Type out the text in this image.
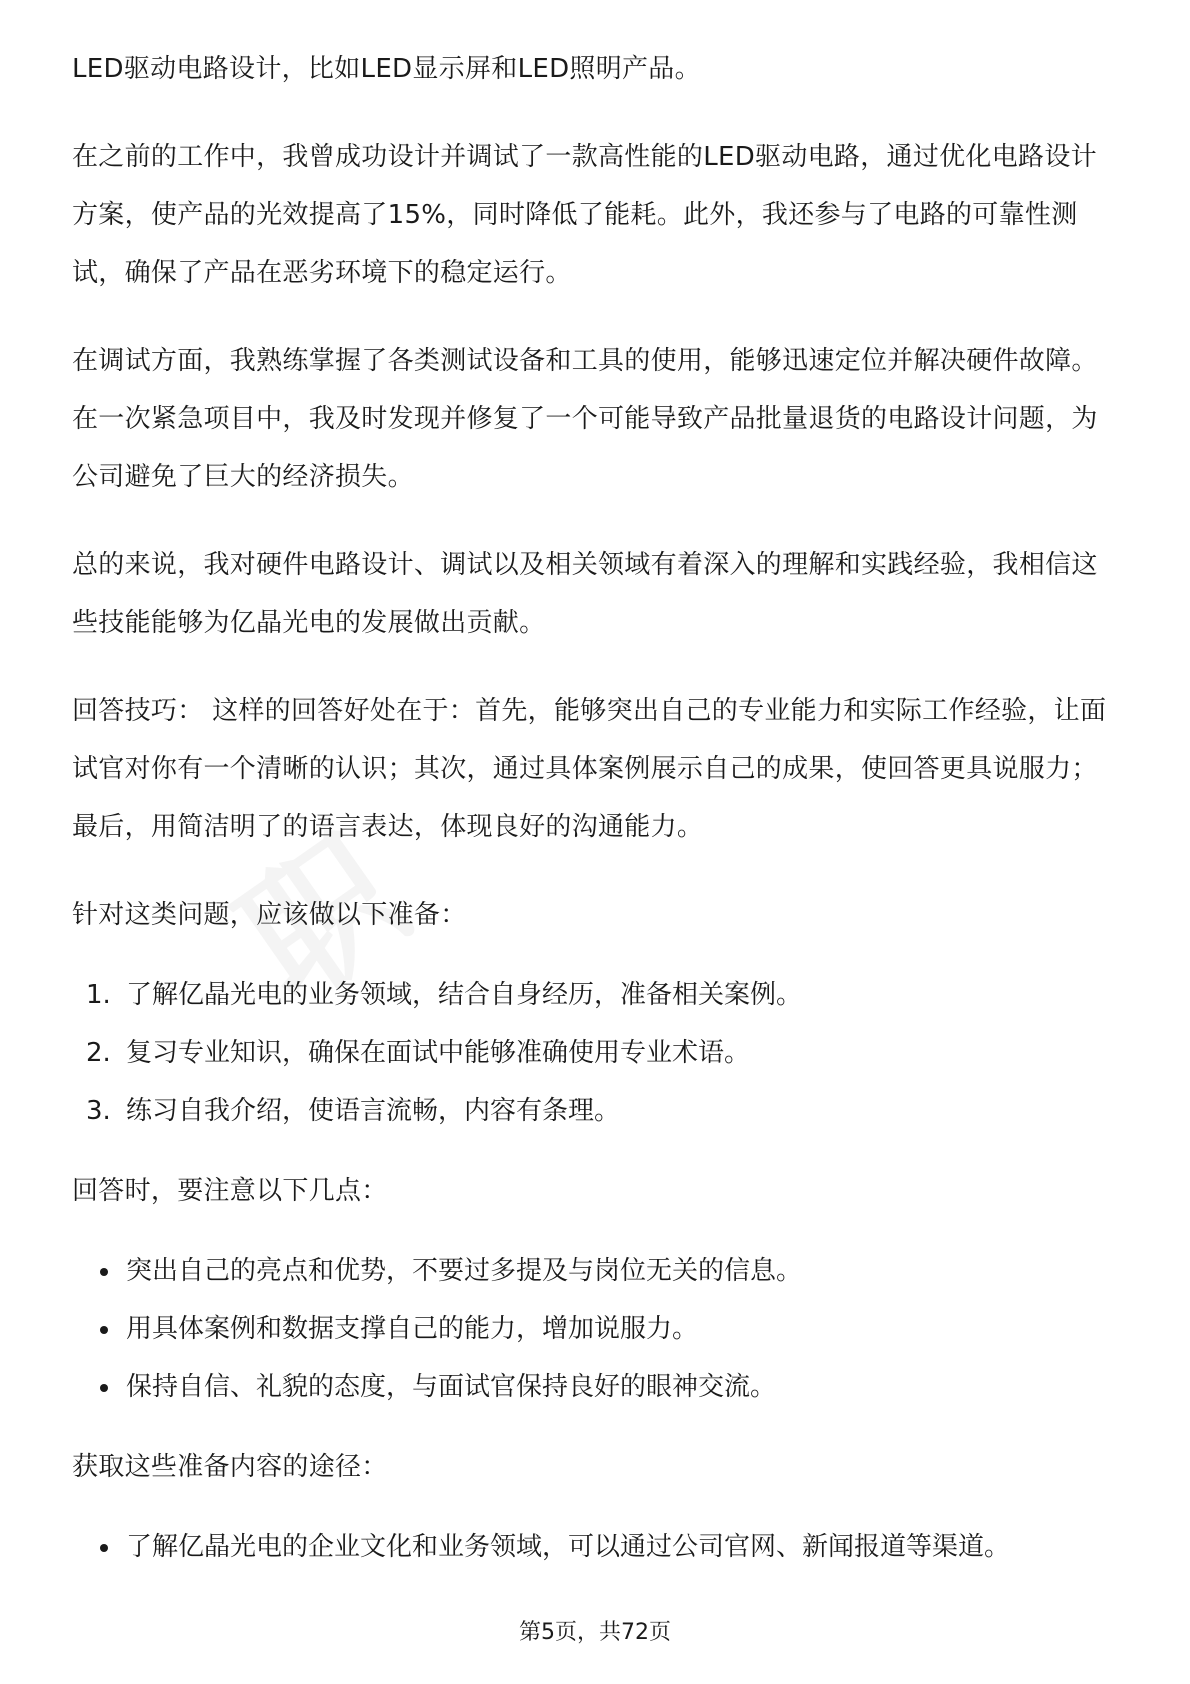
LED驱动电路设计，比如LED显示屏和LED照明产品。

在之前的工作中，我曾成功设计并调试了一款高性能的LED驱动电路，通过优化电路设计方案，使产品的光效提高了15%，同时降低了能耗。此外，我还参与了电路的可靠性测试，确保了产品在恶劣环境下的稳定运行。

在调试方面，我熟练掌握了各类测试设备和工具的使用，能够迅速定位并解决硬件故障。在一次紧急项目中，我及时发现并修复了一个可能导致产品批量退货的电路设计问题，为公司避免了巨大的经济损失。

总的来说，我对硬件电路设计、调试以及相关领域有着深入的理解和实践经验，我相信这些技能能够为亿晶光电的发展做出贡献。

回答技巧： 这样的回答好处在于：首先，能够突出自己的专业能力和实际工作经验，让面试官对你有一个清晰的认识；其次，通过具体案例展示自己的成果，使回答更具说服力；最后，用简洁明了的语言表达，体现良好的沟通能力。

针对这类问题，应该做以下准备：

1. 了解亿晶光电的业务领域，结合自身经历，准备相关案例。
2. 复习专业知识，确保在面试中能够准确使用专业术语。
3. 练习自我介绍，使语言流畅，内容有条理。

回答时，要注意以下几点：

突出自己的亮点和优势，不要过多提及与岗位无关的信息。
用具体案例和数据支撑自己的能力，增加说服力。
保持自信、礼貌的态度，与面试官保持良好的眼神交流。

获取这些准备内容的途径：

了解亿晶光电的企业文化和业务领域，可以通过公司官网、新闻报道等渠道。
第5页，共72页
